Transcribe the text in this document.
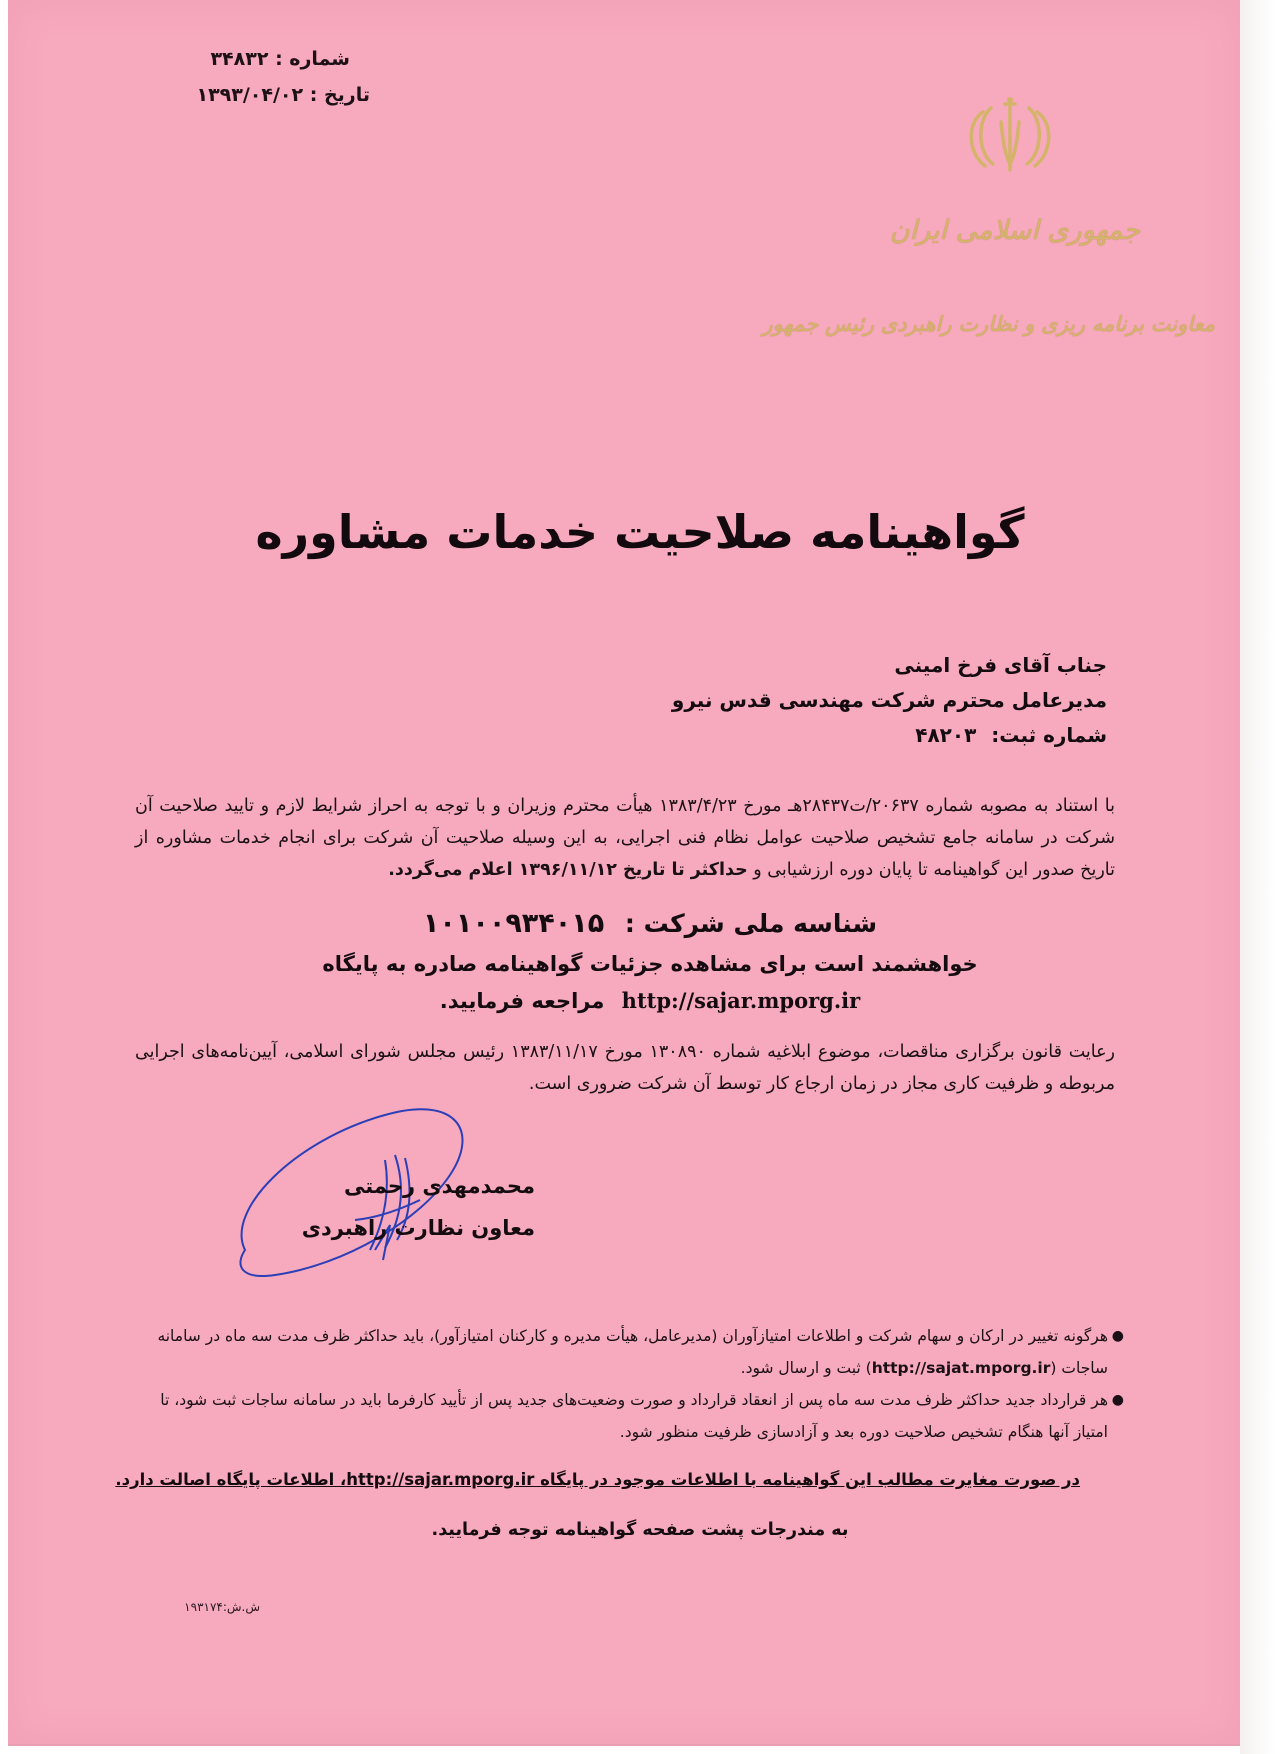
شماره : ۳۴۸۳۲
تاریخ : ۱۳۹۳/۰۴/۰۲
جمهوری اسلامی ایران
معاونت برنامه ریزی و نظارت راهبردی رئیس جمهور
گواهینامه صلاحیت خدمات مشاوره
جناب آقای فرخ امینی
مدیرعامل محترم شرکت مهندسی قدس نیرو
شماره ثبت: ۴۸۲۰۳
با استناد به مصوبه شماره ۲۰۶۳۷/ت۲۸۴۳۷هـ مورخ ۱۳۸۳/۴/۲۳ هیأت محترم وزیران و با توجه به احراز شرایط لازم و تایید صلاحیت آن شرکت در سامانه جامع تشخیص صلاحیت عوامل نظام فنی اجرایی، به این وسیله صلاحیت آن شرکت برای انجام خدمات مشاوره از تاریخ صدور این گواهینامه تا پایان دوره ارزشیابی و حداکثر تا تاریخ ۱۳۹۶/۱۱/۱۲ اعلام می‌گردد.
شناسه ملی شرکت : ۱۰۱۰۰۹۳۴۰۱۵
خواهشمند است برای مشاهده جزئیات گواهینامه صادره به پایگاه
http://sajar.mporg.ir مراجعه فرمایید.
رعایت قانون برگزاری مناقصات، موضوع ابلاغیه شماره ۱۳۰۸۹۰ مورخ ۱۳۸۳/۱۱/۱۷ رئیس مجلس شورای اسلامی، آیین‌نامه‌های اجرایی مربوطه و ظرفیت کاری مجاز در زمان ارجاع کار توسط آن شرکت ضروری است.
محمدمهدی رحمتی
معاون نظارت راهبردی
●
هرگونه تغییر در ارکان و سهام شرکت و اطلاعات امتیازآوران (مدیرعامل، هیأت مدیره و کارکنان امتیازآور)، باید حداکثر ظرف مدت سه ماه در سامانه ساجات (http://sajat.mporg.ir) ثبت و ارسال شود.
●
هر قرارداد جدید حداکثر ظرف مدت سه ماه پس از انعقاد قرارداد و صورت وضعیت‌های جدید پس از تأیید کارفرما باید در سامانه ساجات ثبت شود، تا امتیاز آنها هنگام تشخیص صلاحیت دوره بعد و آزادسازی ظرفیت منظور شود.
در صورت مغایرت مطالب این گواهینامه با اطلاعات موجود در پایگاه http://sajar.mporg.ir، اطلاعات پایگاه اصالت دارد.
به مندرجات پشت صفحه گواهینامه توجه فرمایید.
ش.ش:۱۹۳۱۷۴
